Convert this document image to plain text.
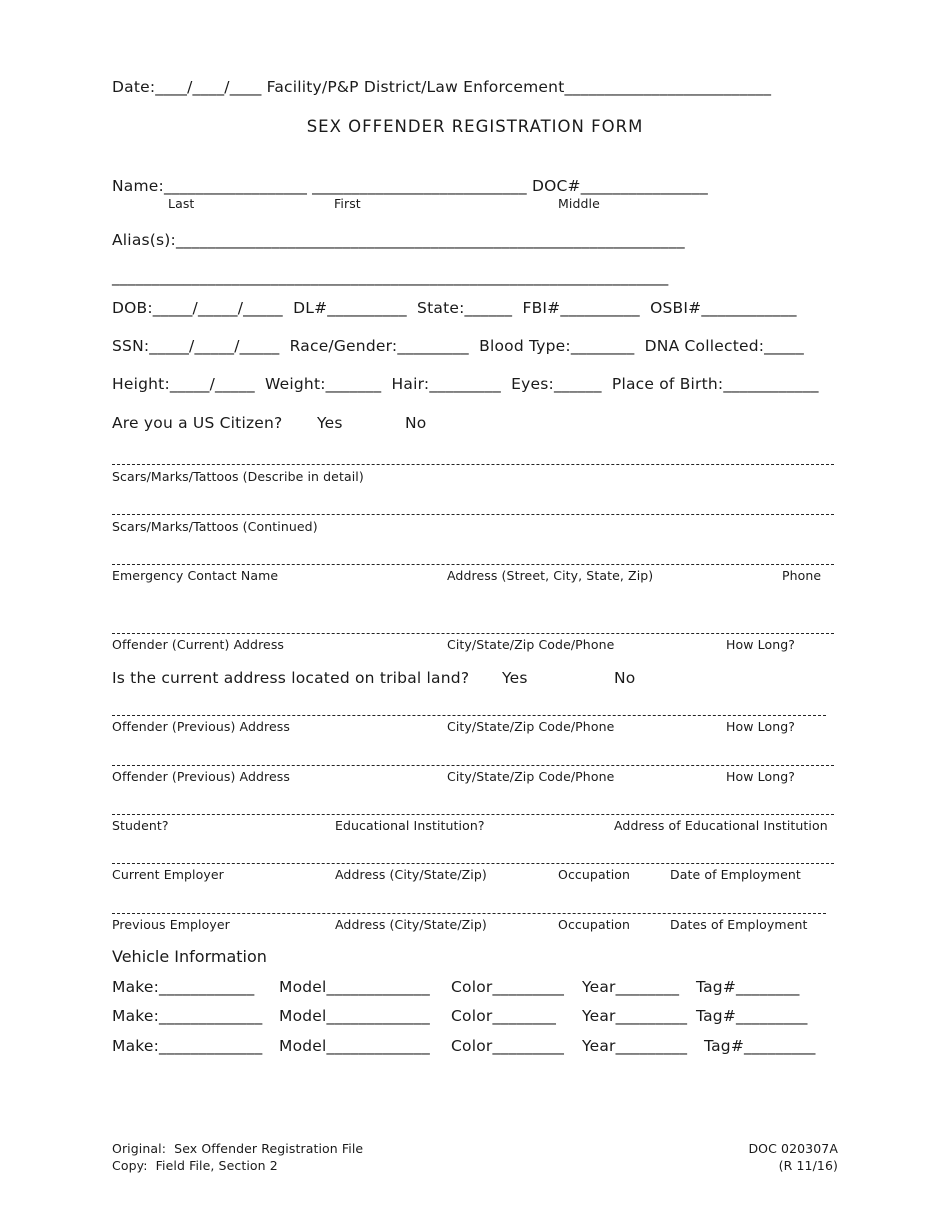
Date:____/____/____ Facility/P&P District/Law Enforcement__________________________
SEX OFFENDER REGISTRATION FORM
Name:__________________ ___________________________ DOC#________________
Last	First	Middle
Alias(s):________________________________________________________________
______________________________________________________________________
DOB:_____/_____/_____  DL#__________  State:______  FBI#__________  OSBI#____________
SSN:_____/_____/_____  Race/Gender:_________  Blood Type:________  DNA Collected:_____
Height:_____/_____  Weight:_______  Hair:_________  Eyes:______  Place of Birth:____________
Are you a US Citizen? Yes	No
Scars/Marks/Tattoos (Describe in detail)
Scars/Marks/Tattoos (Continued)
Emergency Contact Name	Address (Street, City, State, Zip)	Phone
Offender (Current) Address	City/State/Zip Code/Phone	How Long?
Is the current address located on tribal land? Yes	No
Offender (Previous) Address	City/State/Zip Code/Phone	How Long?
Offender (Previous) Address	City/State/Zip Code/Phone	How Long?
Student?	Educational Institution?	Address of Educational Institution
Current Employer	Address (City/State/Zip)	Occupation	Date of Employment
Previous Employer	Address (City/State/Zip)	Occupation	Dates of Employment
Vehicle Information
Make:____________ Model_____________ Color_________ Year________ Tag#________
Make:_____________ Model_____________ Color________ Year_________ Tag#_________
Make:_____________ Model_____________ Color_________ Year_________ Tag#_________
Original:  Sex Offender Registration File
Copy:  Field File, Section 2
DOC 020307A
(R 11/16)
